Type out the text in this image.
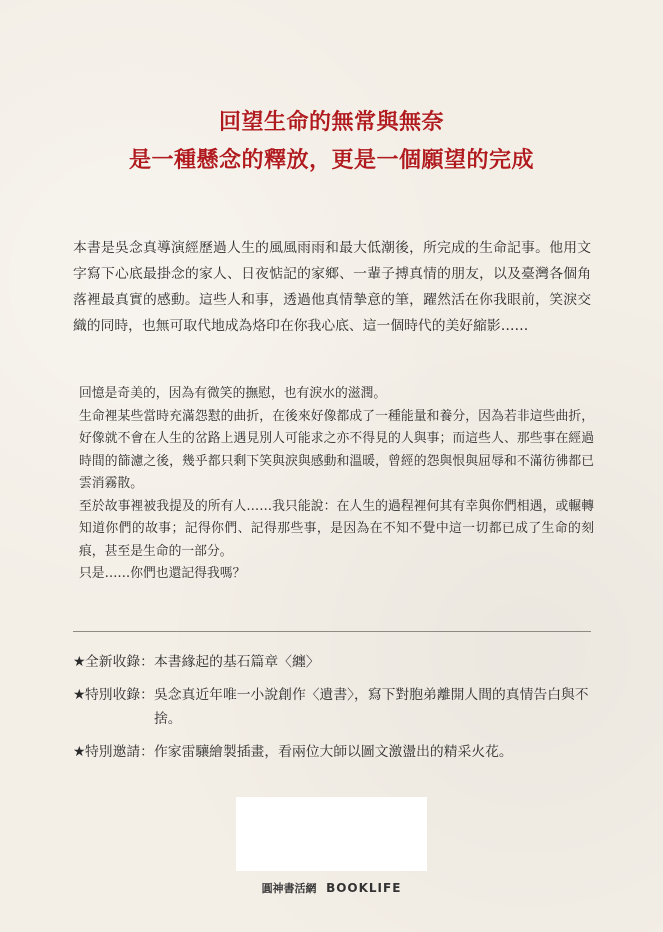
回望生命的無常與無奈
是一種懸念的釋放，更是一個願望的完成
本書是吳念真導演經歷過人生的風風雨雨和最大低潮後，所完成的生命記事。他用文字寫下心底最掛念的家人、日夜惦記的家鄉、一輩子搏真情的朋友，以及臺灣各個角落裡最真實的感動。這些人和事，透過他真情摯意的筆，躍然活在你我眼前，笑淚交織的同時，也無可取代地成為烙印在你我心底、這一個時代的美好縮影……

回憶是奇美的，因為有微笑的撫慰，也有淚水的滋潤。

生命裡某些當時充滿怨懟的曲折，在後來好像都成了一種能量和養分，因為若非這些曲折，好像就不會在人生的岔路上遇見別人可能求之亦不得見的人與事；而這些人、那些事在經過時間的篩濾之後，幾乎都只剩下笑與淚與感動和溫暖，曾經的怨與恨與屈辱和不滿彷彿都已雲消霧散。

至於故事裡被我提及的所有人……我只能說：在人生的過程裡何其有幸與你們相遇，或輾轉知道你們的故事；記得你們、記得那些事，是因為在不知不覺中這一切都已成了生命的刻痕，甚至是生命的一部分。

只是……你們也還記得我嗎？

★ 全新收錄： 本書緣起的基石篇章〈纏〉
★ 特別收錄： 吳念真近年唯一小說創作〈遺書〉，寫下對胞弟離開人間的真情告白與不捨。
★ 特別邀請： 作家雷驤繪製插畫，看兩位大師以圖文激盪出的精采火花。
圓神書活網 BOOKLIFE
